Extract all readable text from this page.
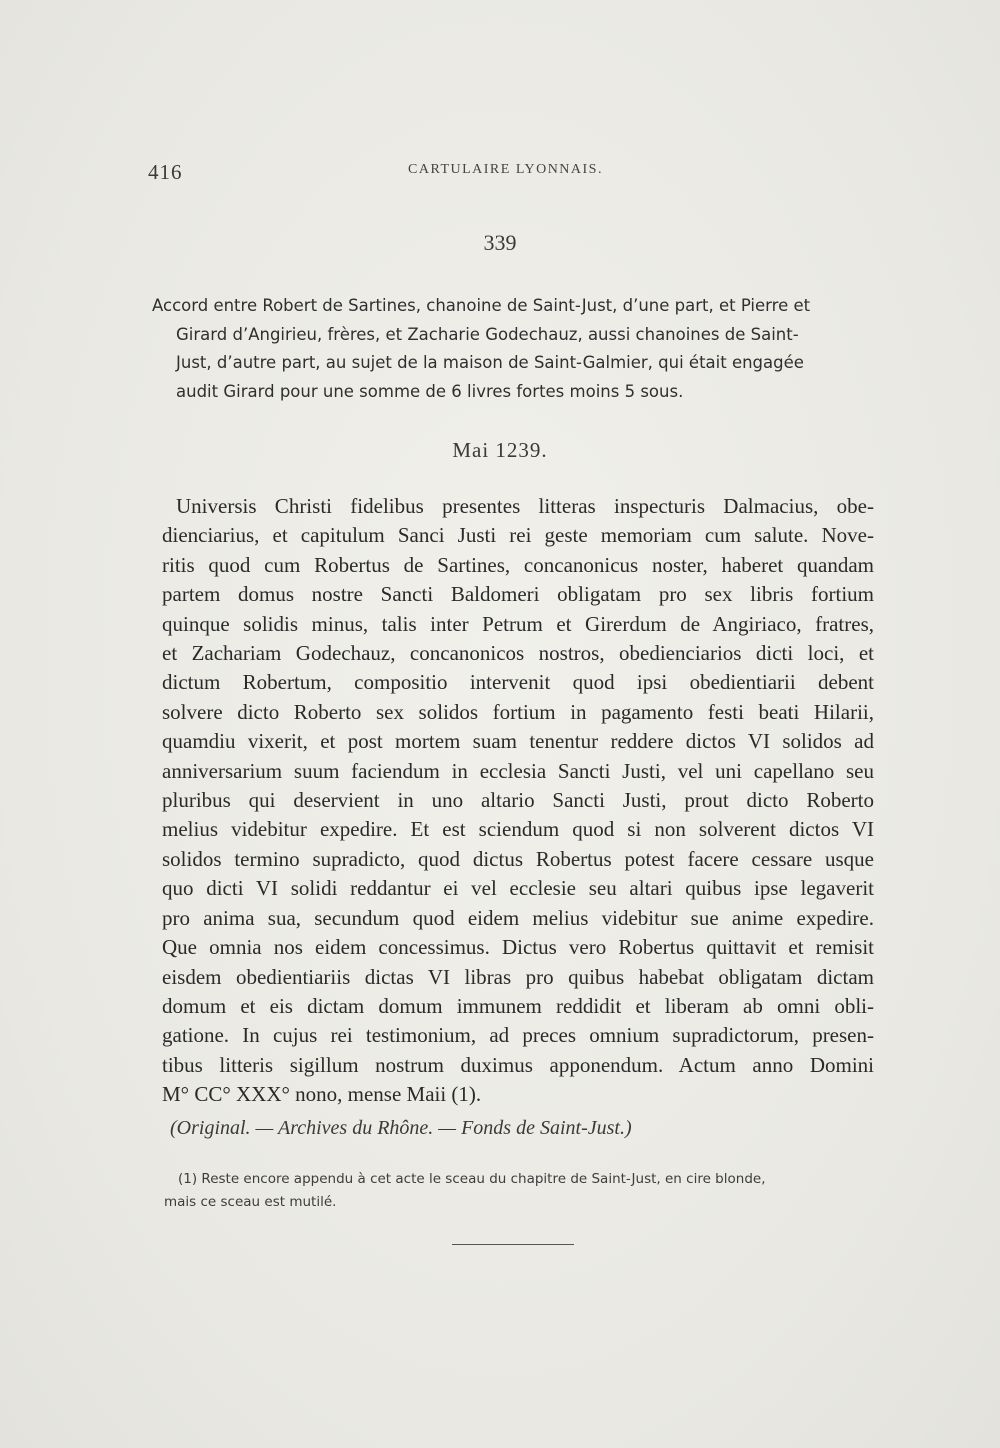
416	CARTULAIRE LYONNAIS.
339
Accord entre Robert de Sartines, chanoine de Saint-Just, d’une part, et Pierre et
Girard d’Angirieu, frères, et Zacharie Godechauz, aussi chanoines de Saint-
Just, d’autre part, au sujet de la maison de Saint-Galmier, qui était engagée
audit Girard pour une somme de 6 livres fortes moins 5 sous.
Mai 1239.
Universis Christi fidelibus presentes litteras inspecturis Dalmacius, obe-
dienciarius, et capitulum Sanci Justi rei geste memoriam cum salute. Nove-
ritis quod cum Robertus de Sartines, concanonicus noster, haberet quandam
partem domus nostre Sancti Baldomeri obligatam pro sex libris fortium
quinque solidis minus, talis inter Petrum et Girerdum de Angiriaco, fratres,
et Zachariam Godechauz, concanonicos nostros, obedienciarios dicti loci, et
dictum Robertum, compositio intervenit quod ipsi obedientiarii debent
solvere dicto Roberto sex solidos fortium in pagamento festi beati Hilarii,
quamdiu vixerit, et post mortem suam tenentur reddere dictos VI solidos ad
anniversarium suum faciendum in ecclesia Sancti Justi, vel uni capellano seu
pluribus qui deservient in uno altario Sancti Justi, prout dicto Roberto
melius videbitur expedire. Et est sciendum quod si non solverent dictos VI
solidos termino supradicto, quod dictus Robertus potest facere cessare usque
quo dicti VI solidi reddantur ei vel ecclesie seu altari quibus ipse legaverit
pro anima sua, secundum quod eidem melius videbitur sue anime expedire.
Que omnia nos eidem concessimus. Dictus vero Robertus quittavit et remisit
eisdem obedientiariis dictas VI libras pro quibus habebat obligatam dictam
domum et eis dictam domum immunem reddidit et liberam ab omni obli-
gatione. In cujus rei testimonium, ad preces omnium supradictorum, presen-
tibus litteris sigillum nostrum duximus apponendum. Actum anno Domini
M° CC° XXX° nono, mense Maii (1).
(Original. — Archives du Rhône. — Fonds de Saint-Just.)
(1) Reste encore appendu à cet acte le sceau du chapitre de Saint-Just, en cire blonde,
mais ce sceau est mutilé.
